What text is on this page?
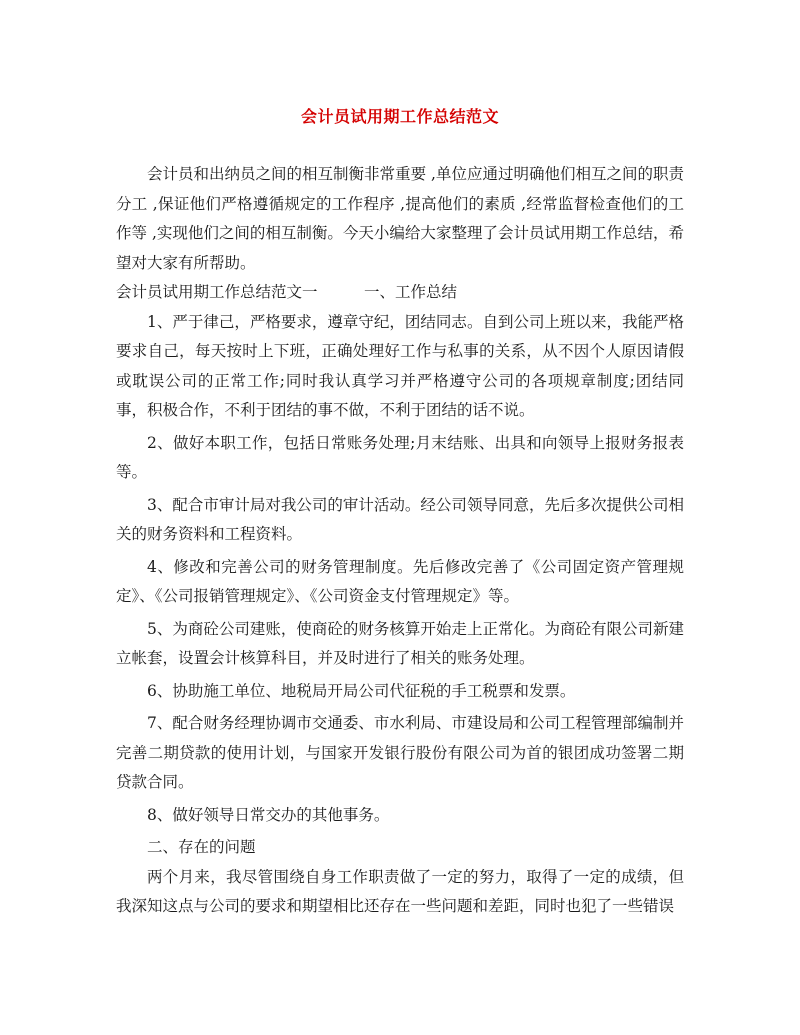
会计员试用期工作总结范文

会计员和出纳员之间的相互制衡非常重要 ,单位应通过明确他们相互之间的职责分工 ,保证他们严格遵循规定的工作程序 ,提高他们的素质 ,经常监督检查他们的工作等 ,实现他们之间的相互制衡。今天小编给大家整理了会计员试用期工作总结，希望对大家有所帮助。

会计员试用期工作总结范文一　　　一、工作总结

1、严于律己，严格要求，遵章守纪，团结同志。自到公司上班以来，我能严格要求自己，每天按时上下班，正确处理好工作与私事的关系，从不因个人原因请假或耽误公司的正常工作;同时我认真学习并严格遵守公司的各项规章制度;团结同事，积极合作，不利于团结的事不做，不利于团结的话不说。

2、做好本职工作，包括日常账务处理;月末结账、出具和向领导上报财务报表等。

3、配合市审计局对我公司的审计活动。经公司领导同意，先后多次提供公司相关的财务资料和工程资料。

4、修改和完善公司的财务管理制度。先后修改完善了《公司固定资产管理规定》、《公司报销管理规定》、《公司资金支付管理规定》等。

5、为商砼公司建账，使商砼的财务核算开始走上正常化。为商砼有限公司新建立帐套，设置会计核算科目，并及时进行了相关的账务处理。

6、协助施工单位、地税局开局公司代征税的手工税票和发票。

7、配合财务经理协调市交通委、市水利局、市建设局和公司工程管理部编制并完善二期贷款的使用计划，与国家开发银行股份有限公司为首的银团成功签署二期贷款合同。

8、做好领导日常交办的其他事务。

二、存在的问题

两个月来，我尽管围绕自身工作职责做了一定的努力，取得了一定的成绩，但我深知这点与公司的要求和期望相比还存在一些问题和差距，同时也犯了一些错误
